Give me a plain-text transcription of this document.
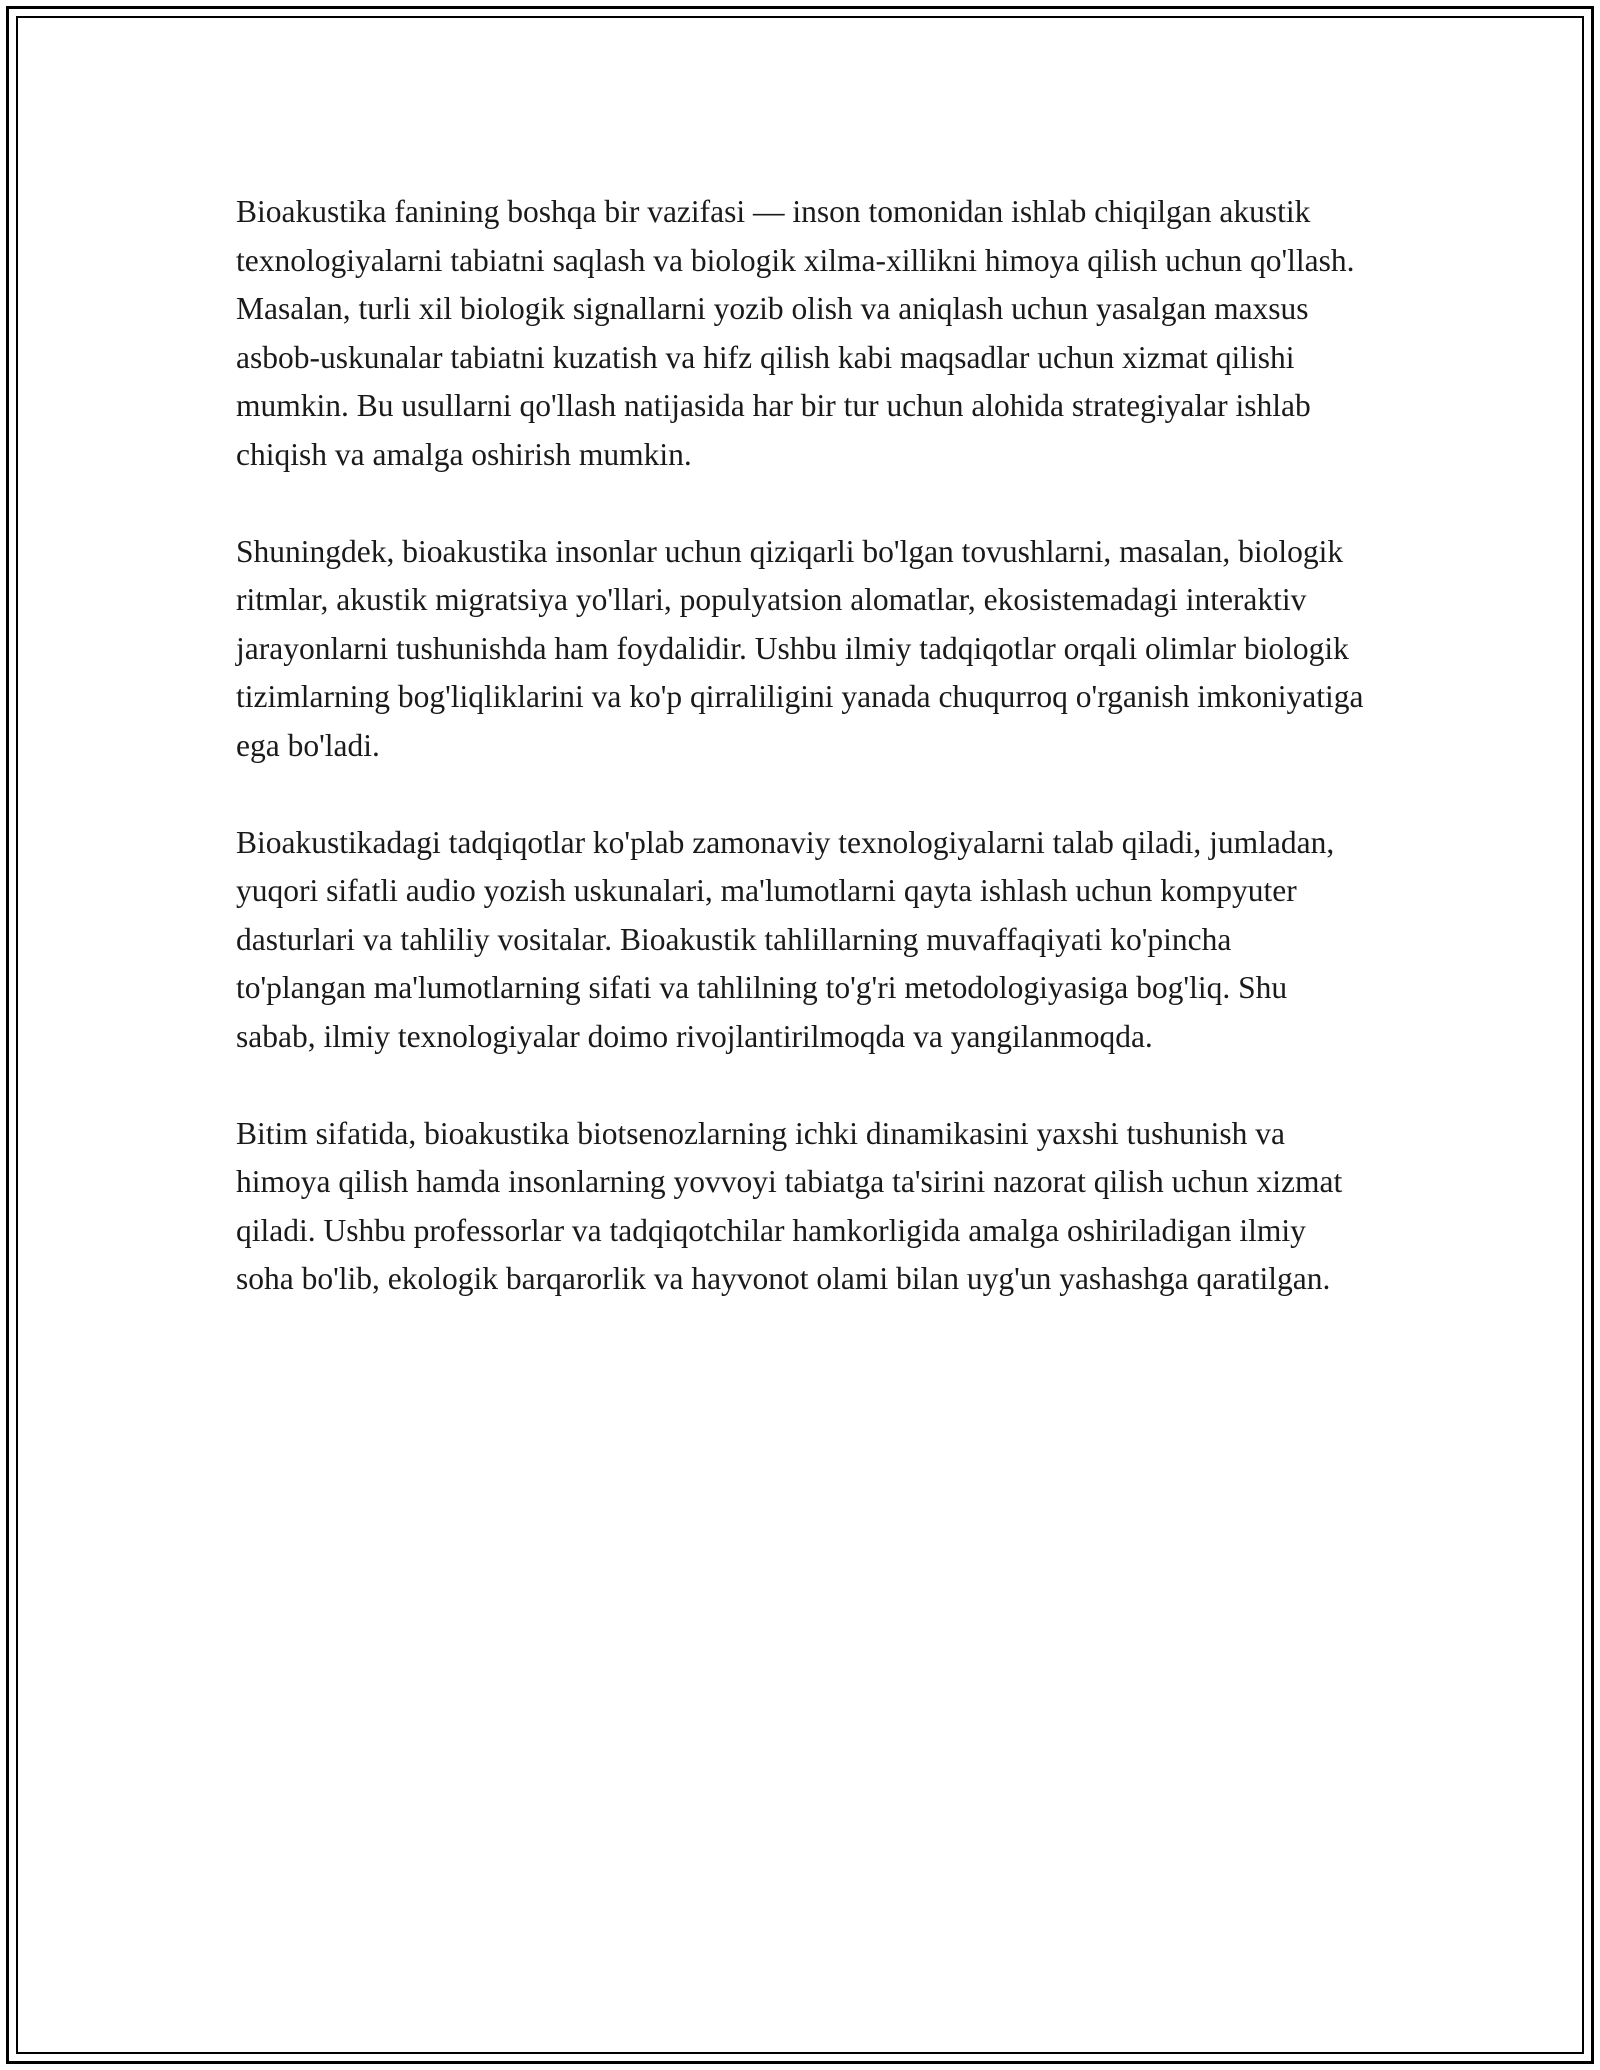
Bioakustika fanining boshqa bir vazifasi — inson tomonidan ishlab chiqilgan akustik texnologiyalarni tabiatni saqlash va biologik xilma-xillikni himoya qilish uchun qo'llash. Masalan, turli xil biologik signallarni yozib olish va aniqlash uchun yasalgan maxsus asbob-uskunalar tabiatni kuzatish va hifz qilish kabi maqsadlar uchun xizmat qilishi mumkin. Bu usullarni qo'llash natijasida har bir tur uchun alohida strategiyalar ishlab chiqish va amalga oshirish mumkin.

Shuningdek, bioakustika insonlar uchun qiziqarli bo'lgan tovushlarni, masalan, biologik ritmlar, akustik migratsiya yo'llari, populyatsion alomatlar, ekosistemadagi interaktiv jarayonlarni tushunishda ham foydalidir. Ushbu ilmiy tadqiqotlar orqali olimlar biologik tizimlarning bog'liqliklarini va ko'p qirraliligini yanada chuqurroq o'rganish imkoniyatiga ega bo'ladi.

Bioakustikadagi tadqiqotlar ko'plab zamonaviy texnologiyalarni talab qiladi, jumladan, yuqori sifatli audio yozish uskunalari, ma'lumotlarni qayta ishlash uchun kompyuter dasturlari va tahliliy vositalar. Bioakustik tahlillarning muvaffaqiyati ko'pincha to'plangan ma'lumotlarning sifati va tahlilning to'g'ri metodologiyasiga bog'liq. Shu sabab, ilmiy texnologiyalar doimo rivojlantirilmoqda va yangilanmoqda.

Bitim sifatida, bioakustika biotsenozlarning ichki dinamikasini yaxshi tushunish va himoya qilish hamda insonlarning yovvoyi tabiatga ta'sirini nazorat qilish uchun xizmat qiladi. Ushbu professorlar va tadqiqotchilar hamkorligida amalga oshiriladigan ilmiy soha bo'lib, ekologik barqarorlik va hayvonot olami bilan uyg'un yashashga qaratilgan.
